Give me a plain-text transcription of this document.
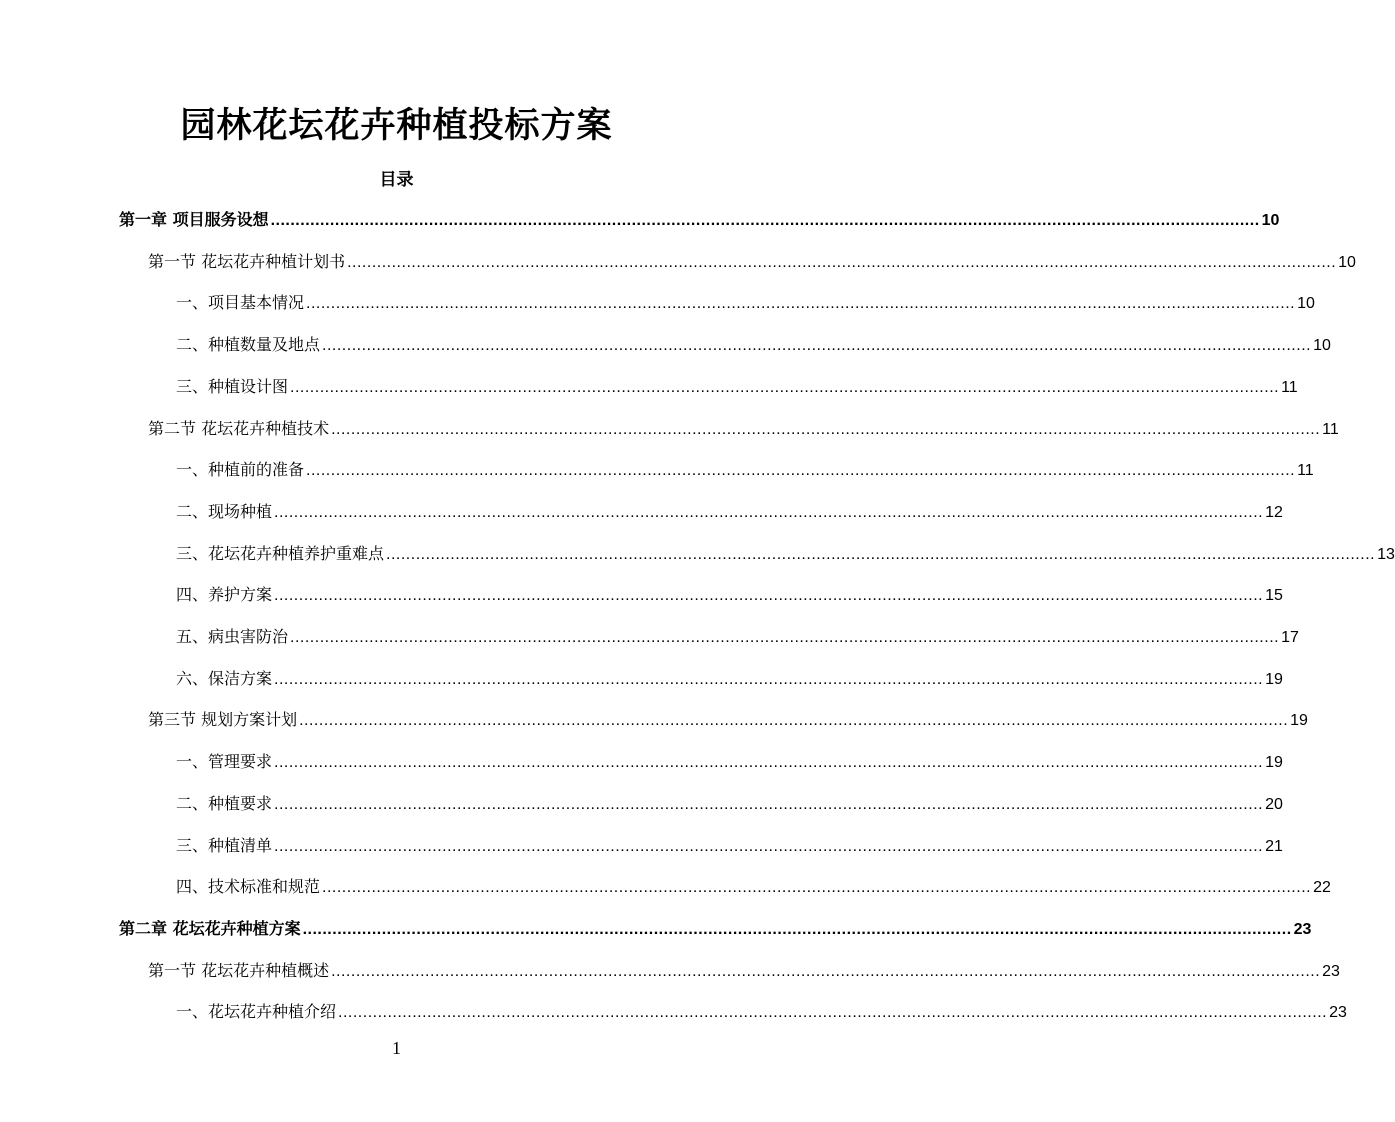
园林花坛花卉种植投标方案
目录
第一章 项目服务设想 ........................................................................................................................................................................................................ 10
第一节 花坛花卉种植计划书 ........................................................................................................................................................................................................ 10
一、项目基本情况 ........................................................................................................................................................................................................ 10
二、种植数量及地点 ........................................................................................................................................................................................................ 10
三、种植设计图 ........................................................................................................................................................................................................ 11
第二节 花坛花卉种植技术 ........................................................................................................................................................................................................ 11
一、种植前的准备 ........................................................................................................................................................................................................ 11
二、现场种植 ........................................................................................................................................................................................................ 12
三、花坛花卉种植养护重难点 ........................................................................................................................................................................................................ 13
四、养护方案 ........................................................................................................................................................................................................ 15
五、病虫害防治 ........................................................................................................................................................................................................ 17
六、保洁方案 ........................................................................................................................................................................................................ 19
第三节 规划方案计划 ........................................................................................................................................................................................................ 19
一、管理要求 ........................................................................................................................................................................................................ 19
二、种植要求 ........................................................................................................................................................................................................ 20
三、种植清单 ........................................................................................................................................................................................................ 21
四、技术标准和规范 ........................................................................................................................................................................................................ 22
第二章 花坛花卉种植方案 ........................................................................................................................................................................................................ 23
第一节 花坛花卉种植概述 ........................................................................................................................................................................................................ 23
一、花坛花卉种植介绍 ........................................................................................................................................................................................................ 23
1
